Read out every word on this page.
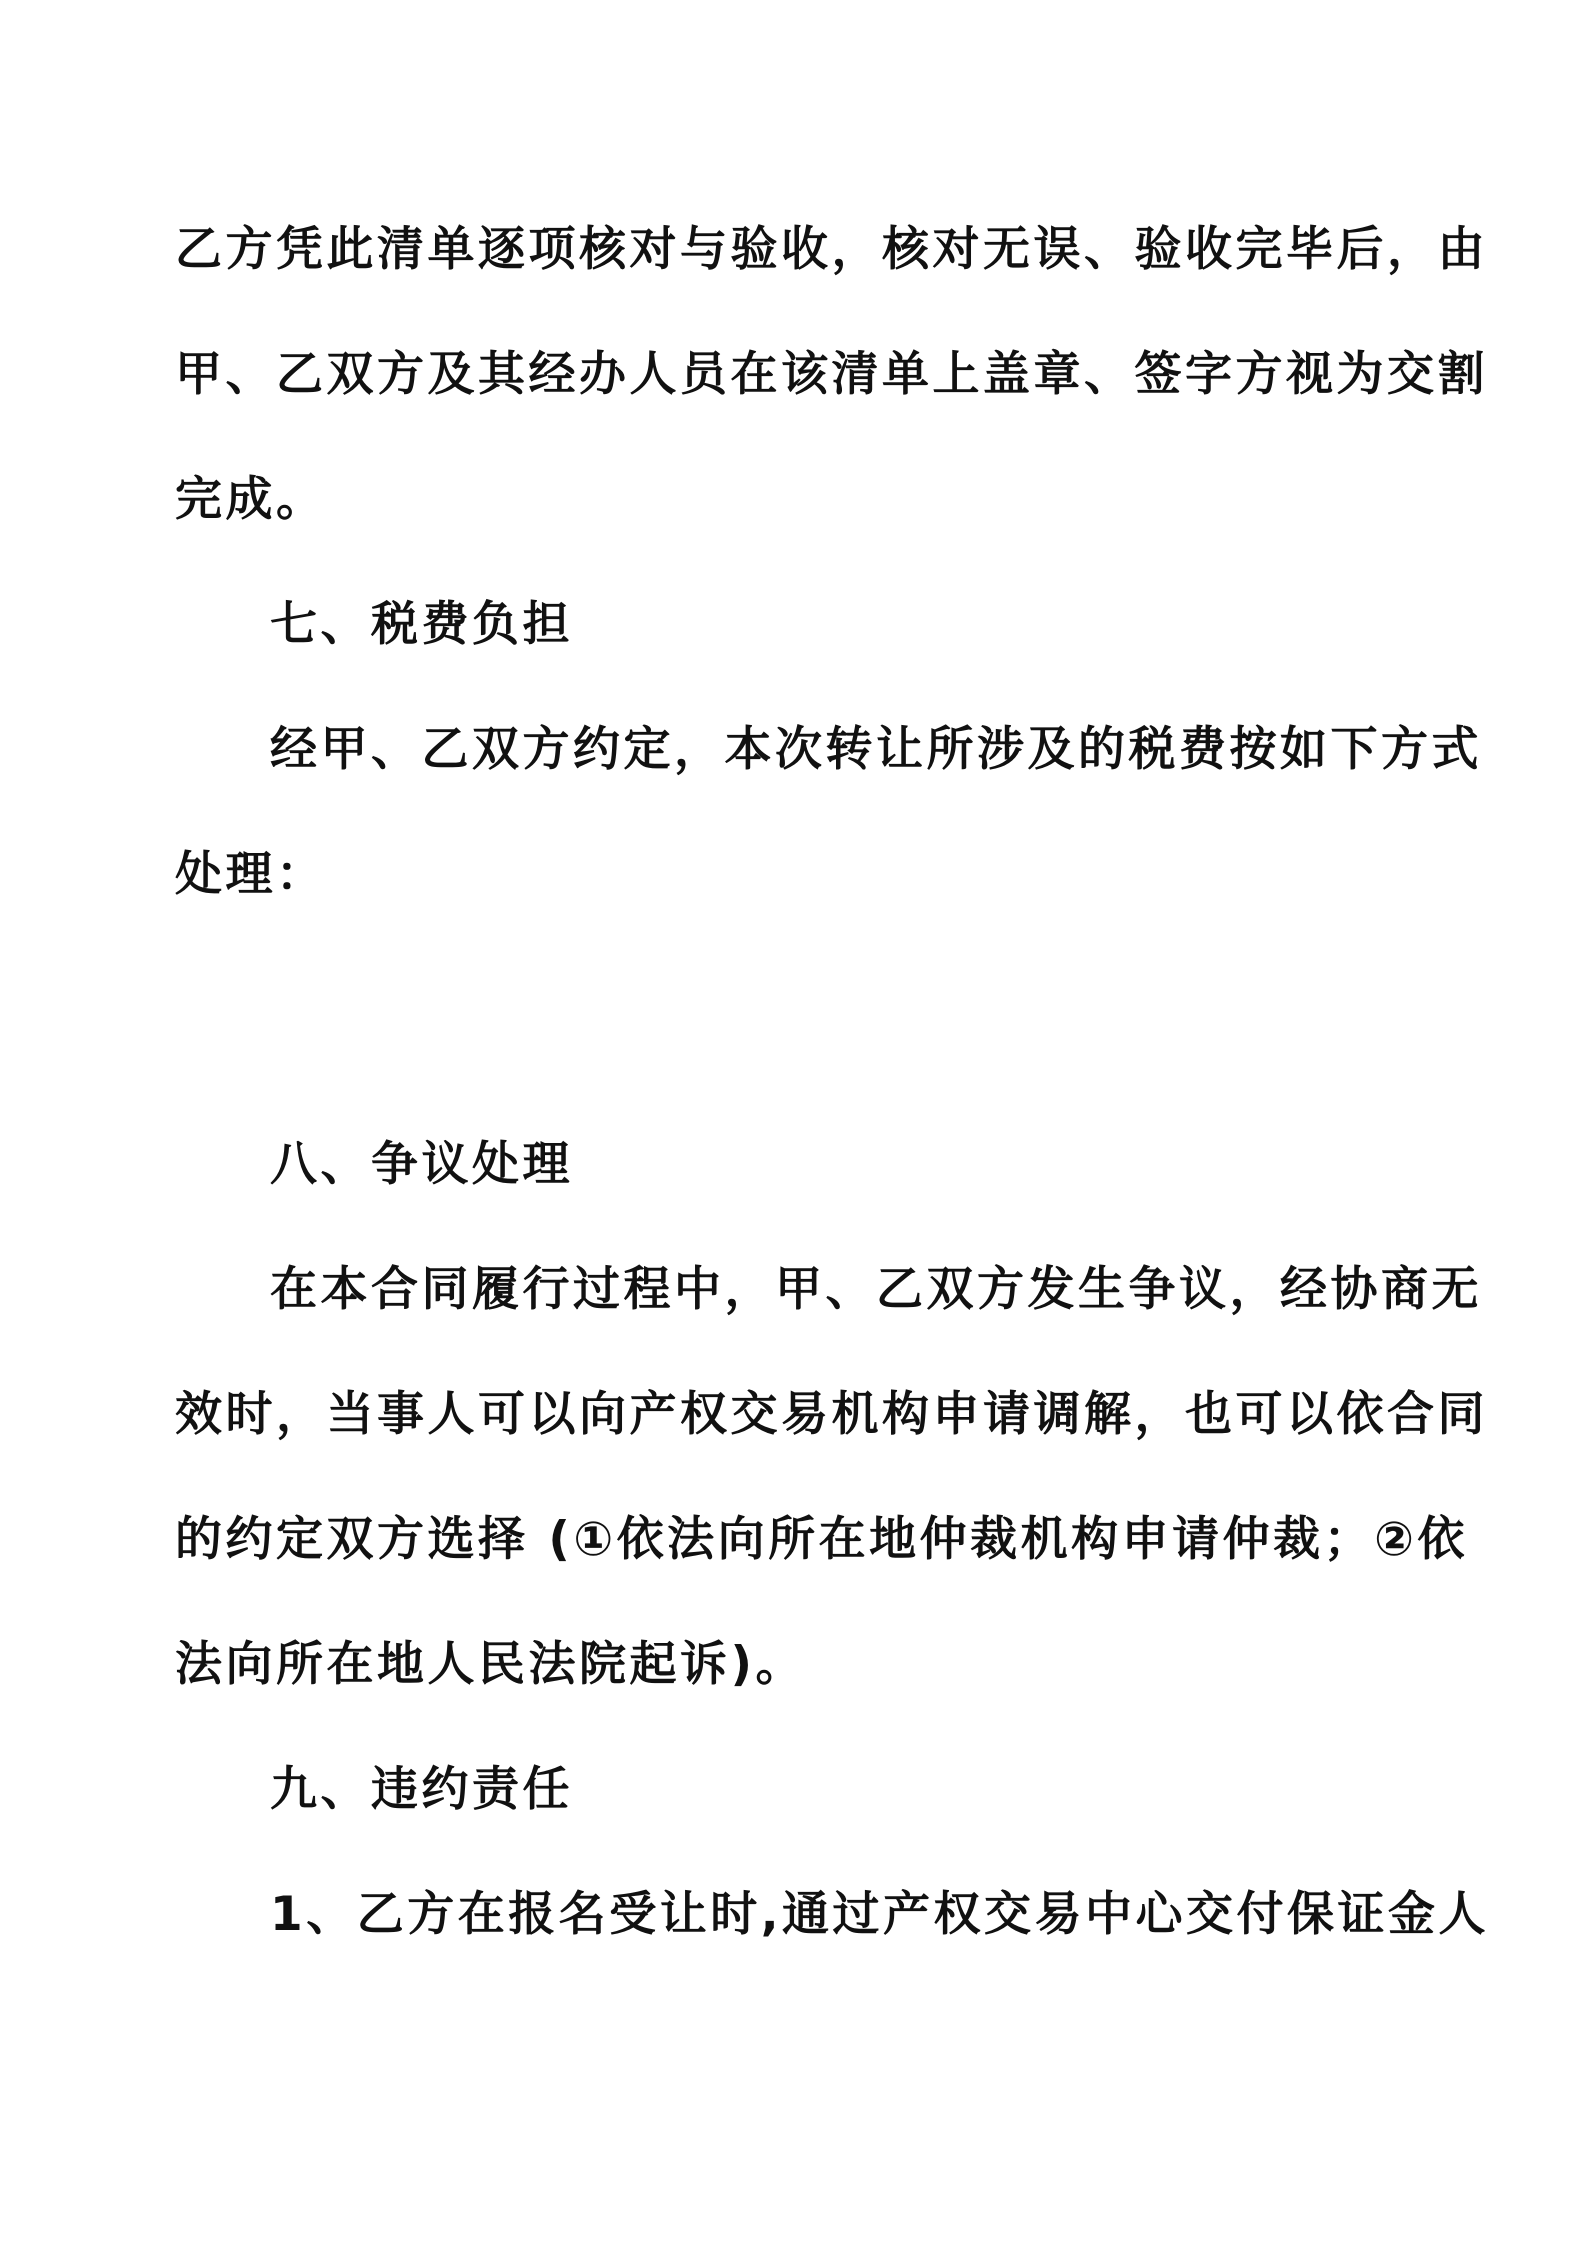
乙方凭此清单逐项核对与验收，核对无误、验收完毕后，由
甲、乙双方及其经办人员在该清单上盖章、签字方视为交割
完成。
七、税费负担
经甲、乙双方约定，本次转让所涉及的税费按如下方式
处理：
八、争议处理
在本合同履行过程中，甲、乙双方发生争议，经协商无
效时，当事人可以向产权交易机构申请调解，也可以依合同
的约定双方选择 (①依法向所在地仲裁机构申请仲裁；②依
法向所在地人民法院起诉)。
九、违约责任
1、乙方在报名受让时,通过产权交易中心交付保证金人
